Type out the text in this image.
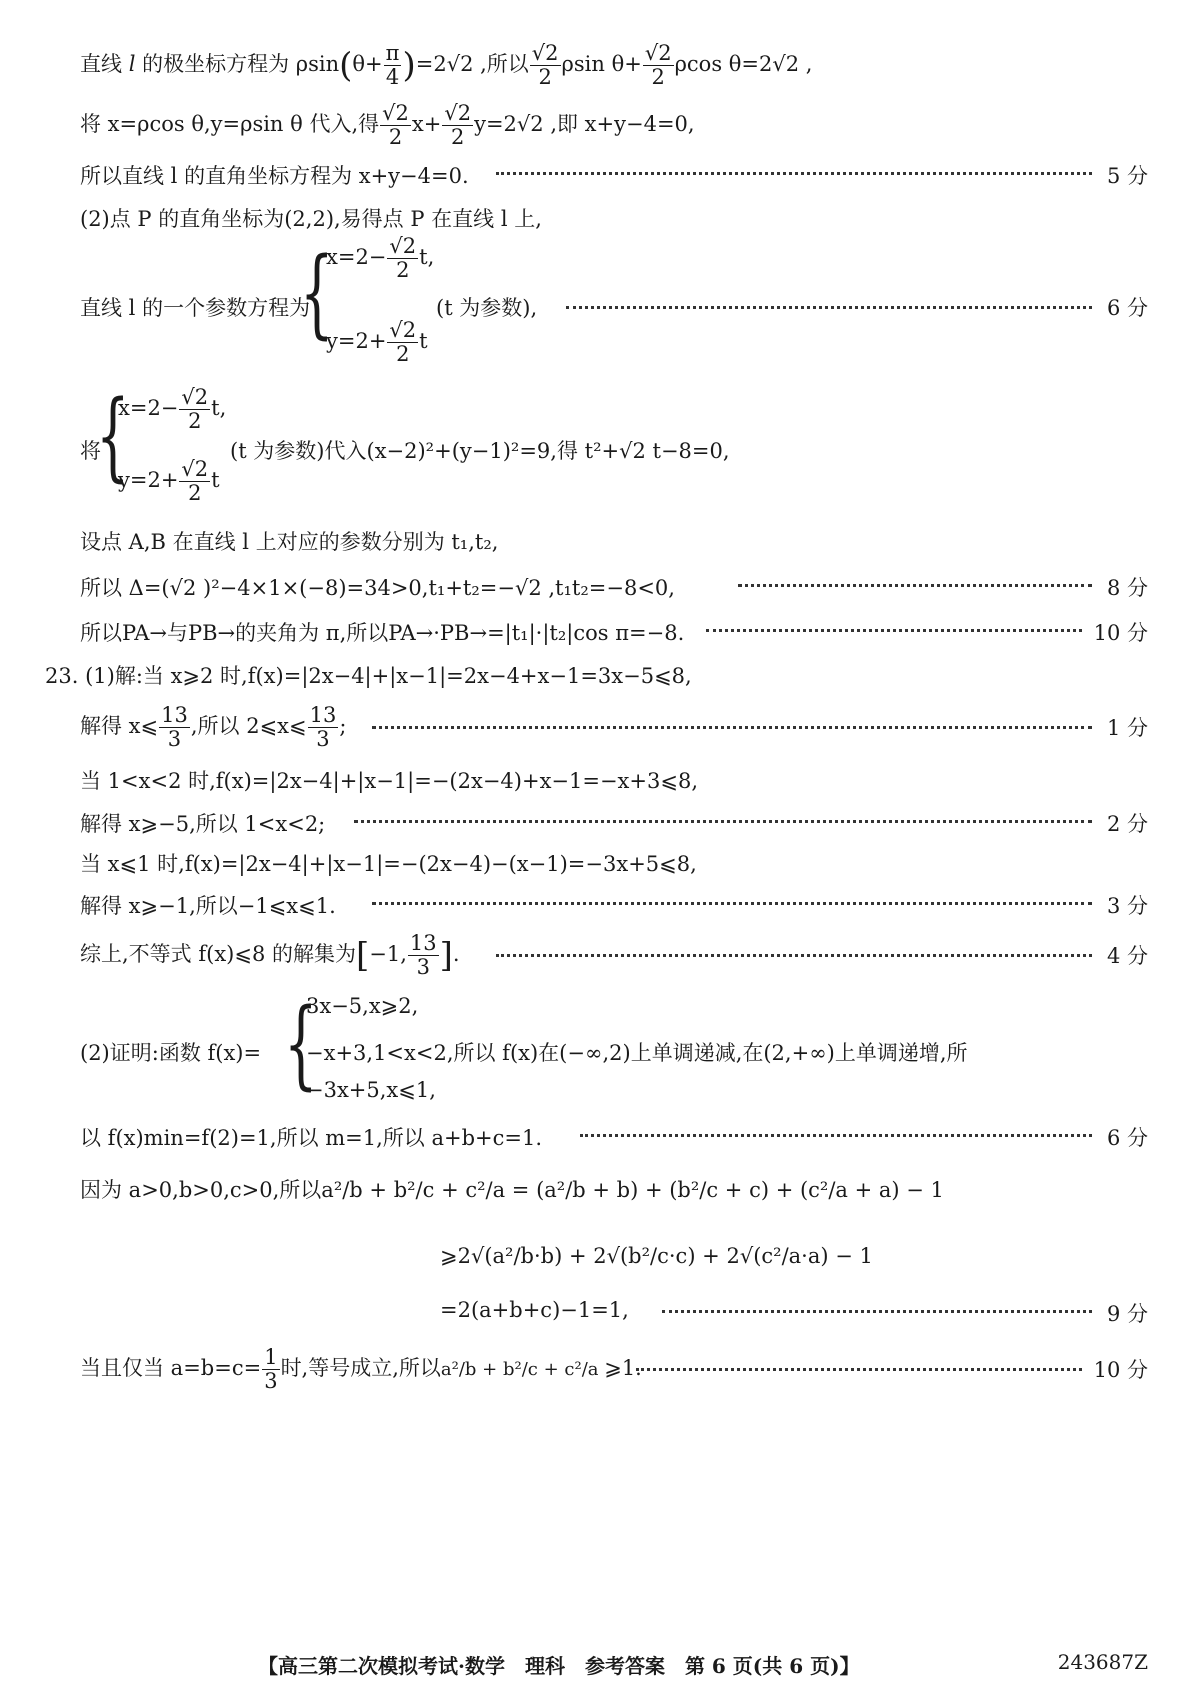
直线 l 的极坐标方程为 $\rho\sin(\theta+ \frac{\pi}{4} )=2√2$ ,所以 $\frac{√2}{2}$ ρsin $\theta+ \frac{√2}{2}$ ρcos θ=2√2 ,
将 x=ρcos θ,y=ρsin θ 代入,得 $\frac{√2}{2} x+ \frac{√2}{2} y=2√2$ ,即 x+y−4=0,
所以直线 l 的直角坐标方程为 x+y−4=0.	5 分
(2)点 P 的直角坐标为(2,2),易得点 P 在直线 l 上,
直线 l 的一个参数方程为
{
$x=2- \frac{√2}{2} t$,
$y=2+ \frac{√2}{2}$ t
(t 为参数),	6 分
将
{
$x=2- \frac{√2}{2} t$,
$y=2+ \frac{√2}{2}$ t
(t 为参数)代入(x−2)²+(y−1)²=9,得 t²+√2 t−8=0,
设点 A,B 在直线 l 上对应的参数分别为 t₁,t₂,
所以 Δ=(√2 )²−4×1×(−8)=34>0,t₁+t₂=−√2 ,t₁t₂=−8<0,	8 分
所以PA→与PB→的夹角为 π,所以PA→·PB→=|t₁|·|t₂|cos π=−8.	10 分
23. (1)解:当 x⩾2 时,f(x)=|2x−4|+|x−1|=2x−4+x−1=3x−5⩽8,
解得 x⩽ $\frac{13}{3}$ ,所以 2⩽x⩽ $\frac{13}{3}$ ;	1 分
当 1<x<2 时,f(x)=|2x−4|+|x−1|=−(2x−4)+x−1=−x+3⩽8,
解得 x⩾−5,所以 1<x<2;	2 分
当 x⩽1 时,f(x)=|2x−4|+|x−1|=−(2x−4)−(x−1)=−3x+5⩽8,
解得 x⩾−1,所以−1⩽x⩽1.	3 分
综上,不等式 f(x)⩽8 的解集为[−1, $\frac{13}{3}$ ].	4 分
(2)证明:函数 f(x)= {
3x−5,x⩾2,
−x+3,1<x<2,所以 f(x)在(−∞,2)上单调递减,在(2,+∞)上单调递增,所
−3x+5,x⩽1,
以 f(x)min=f(2)=1,所以 m=1,所以 a+b+c=1.	6 分
因为 a>0,b>0,c>0,所以a²/b + b²/c + c²/a = (a²/b + b) + (b²/c + c) + (c²/a + a) − 1
⩾2√(a²/b·b) + 2√(b²/c·c) + 2√(c²/a·a) − 1
=2(a+b+c)−1=1,	9 分
当且仅当 $a=b=c= \frac{1}{3}$ 时,等号成立,所以a²/b + b²/c + c²/a ⩾1.	10 分
【高三第二次模拟考试·数学　理科　参考答案　第 6 页(共 6 页)】	243687Z
